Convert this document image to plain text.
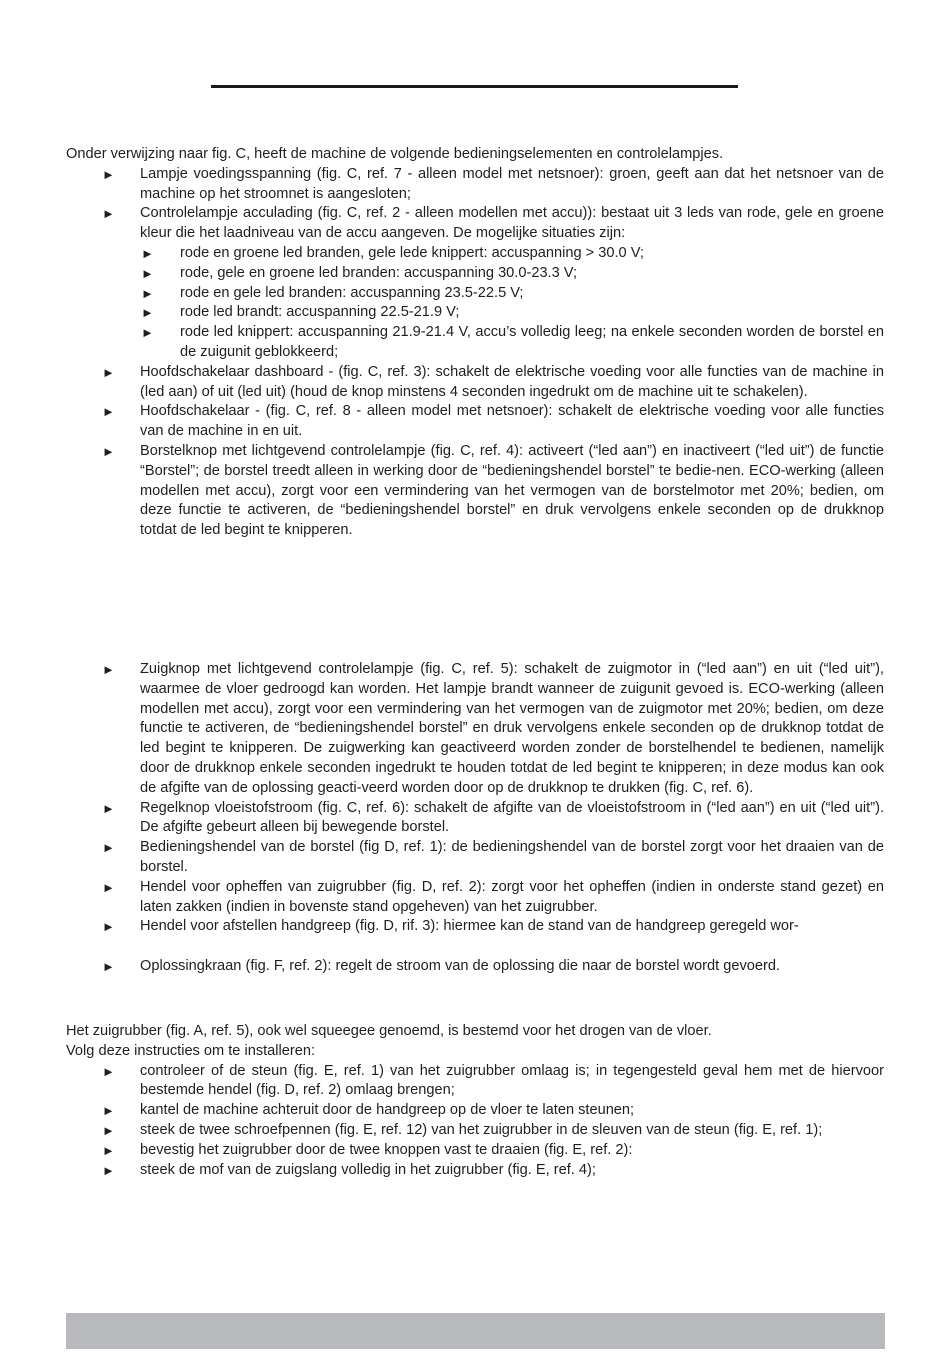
Onder verwijzing naar fig. C, heeft de machine de volgende bedieningselementen en controlelampjes.

► Lampje voedingsspanning (fig. C, ref. 7 - alleen model met netsnoer): groen, geeft aan dat het netsnoer van de machine op het stroomnet is aangesloten;
► Controlelampje acculading (fig. C, ref. 2 - alleen modellen met accu)): bestaat uit 3 leds van rode, gele en groene kleur die het laadniveau van de accu aangeven. De mogelijke situaties zijn:
► rode en groene led branden, gele lede knippert: accuspanning > 30.0 V;
► rode, gele en groene led branden: accuspanning 30.0-23.3 V;
► rode en gele led branden: accuspanning 23.5-22.5 V;
► rode led brandt: accuspanning 22.5-21.9 V;
► rode led knippert: accuspanning 21.9-21.4 V, accu’s volledig leeg; na enkele seconden worden de borstel en de zuigunit geblokkeerd;
► Hoofdschakelaar dashboard - (fig. C, ref. 3): schakelt de elektrische voeding voor alle functies van de machine in (led aan) of uit (led uit) (houd de knop minstens 4 seconden ingedrukt om de machine uit te schakelen).
► Hoofdschakelaar - (fig. C, ref. 8 - alleen model met netsnoer): schakelt de elektrische voeding voor alle functies van de machine in en uit.
► Borstelknop met lichtgevend controlelampje (fig. C, ref. 4): activeert (“led aan”) en inactiveert (“led uit”) de functie “Borstel”; de borstel treedt alleen in werking door de “bedieningshendel borstel” te bedie-nen. ECO-werking (alleen modellen met accu), zorgt voor een vermindering van het vermogen van de borstelmotor met 20%; bedien, om deze functie te activeren, de “bedieningshendel borstel” en druk vervolgens enkele seconden op de drukknop totdat de led begint te knipperen.
► Zuigknop met lichtgevend controlelampje (fig. C, ref. 5): schakelt de zuigmotor in (“led aan”) en uit (“led uit”), waarmee de vloer gedroogd kan worden. Het lampje brandt wanneer de zuigunit gevoed is. ECO-werking (alleen modellen met accu), zorgt voor een vermindering van het vermogen van de zuigmotor met 20%; bedien, om deze functie te activeren, de “bedieningshendel borstel” en druk vervolgens enkele seconden op de drukknop totdat de led begint te knipperen. De zuigwerking kan geactiveerd worden zonder de borstelhendel te bedienen, namelijk door de drukknop enkele seconden ingedrukt te houden totdat de led begint te knipperen; in deze modus kan ook de afgifte van de oplossing geacti-veerd worden door op de drukknop te drukken (fig. C, ref. 6).
► Regelknop vloeistofstroom (fig. C, ref. 6): schakelt de afgifte van de vloeistofstroom in (“led aan”) en uit (“led uit”). De afgifte gebeurt alleen bij bewegende borstel.
► Bedieningshendel van de borstel (fig D, ref. 1): de bedieningshendel van de borstel zorgt voor het draaien van de borstel.
► Hendel voor opheffen van zuigrubber (fig. D, ref. 2): zorgt voor het opheffen (indien in onderste stand gezet) en laten zakken (indien in bovenste stand opgeheven) van het zuigrubber.
► Hendel voor afstellen handgreep (fig. D, rif. 3): hiermee kan de stand van de handgreep geregeld wor-
► Oplossingkraan (fig. F, ref. 2): regelt de stroom van de oplossing die naar de borstel wordt gevoerd.

Het zuigrubber (fig. A, ref. 5), ook wel squeegee genoemd, is bestemd voor het drogen van de vloer.

Volg deze instructies om te installeren:

► controleer of de steun (fig. E, ref. 1) van het zuigrubber omlaag is; in tegengesteld geval hem met de hiervoor bestemde hendel (fig. D, ref. 2) omlaag brengen;
► kantel de machine achteruit door de handgreep op de vloer te laten steunen;
► steek de twee schroefpennen (fig. E, ref. 12) van het zuigrubber in de sleuven van de steun (fig. E, ref. 1);
► bevestig het zuigrubber door de twee knoppen vast te draaien (fig. E, ref. 2):
► steek de mof van de zuigslang volledig in het zuigrubber (fig. E, ref. 4);
